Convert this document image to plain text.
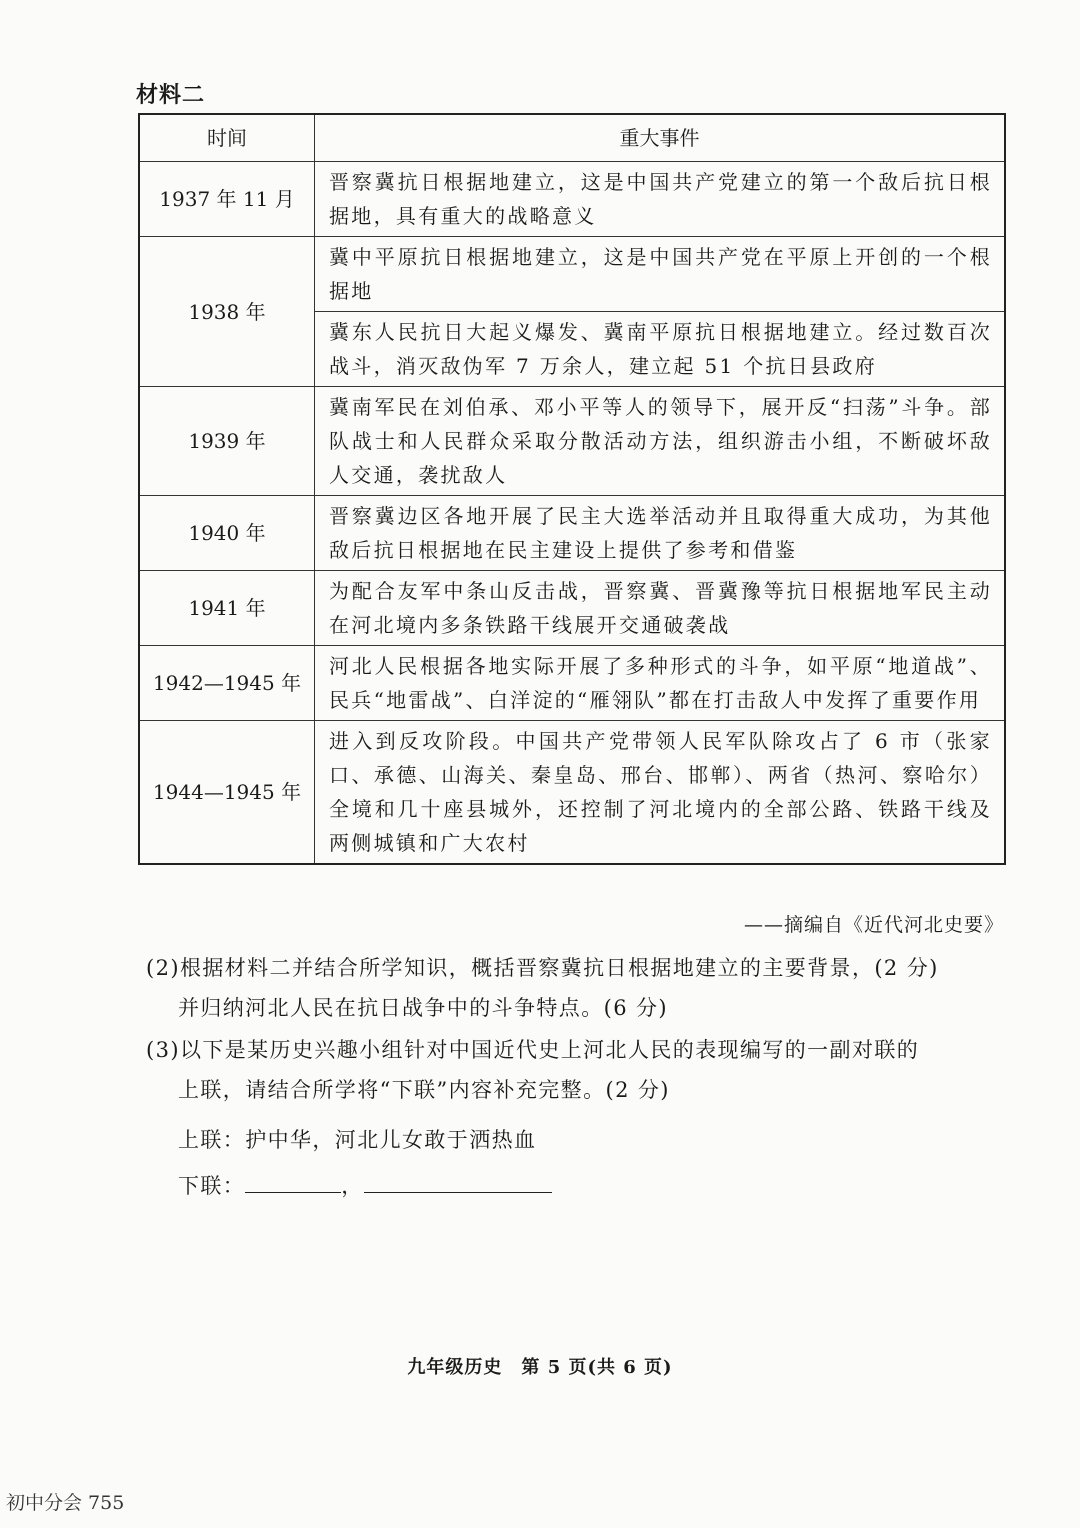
材料二
时间	重大事件
1937 年 11 月	晋察冀抗日根据地建立，这是中国共产党建立的第一个敌后抗日根据地，具有重大的战略意义
1938 年	冀中平原抗日根据地建立，这是中国共产党在平原上开创的一个根据地
	冀东人民抗日大起义爆发、冀南平原抗日根据地建立。经过数百次战斗，消灭敌伪军 7 万余人，建立起 51 个抗日县政府
1939 年	冀南军民在刘伯承、邓小平等人的领导下，展开反“扫荡”斗争。部队战士和人民群众采取分散活动方法，组织游击小组，不断破坏敌人交通，袭扰敌人
1940 年	晋察冀边区各地开展了民主大选举活动并且取得重大成功，为其他敌后抗日根据地在民主建设上提供了参考和借鉴
1941 年	为配合友军中条山反击战，晋察冀、晋冀豫等抗日根据地军民主动在河北境内多条铁路干线展开交通破袭战
1942—1945 年	河北人民根据各地实际开展了多种形式的斗争，如平原“地道战”、民兵“地雷战”、白洋淀的“雁翎队”都在打击敌人中发挥了重要作用
1944—1945 年	进入到反攻阶段。中国共产党带领人民军队除攻占了 6 市（张家口、承德、山海关、秦皇岛、邢台、邯郸）、两省（热河、察哈尔）全境和几十座县城外，还控制了河北境内的全部公路、铁路干线及两侧城镇和广大农村
——摘编自《近代河北史要》
(2)根据材料二并结合所学知识，概括晋察冀抗日根据地建立的主要背景，(2 分)
并归纳河北人民在抗日战争中的斗争特点。(6 分)
(3)以下是某历史兴趣小组针对中国近代史上河北人民的表现编写的一副对联的
上联，请结合所学将“下联”内容补充完整。(2 分)
上联：护中华，河北儿女敢于洒热血
下联：	，
九年级历史　第 5 页(共 6 页)
初中分会 755
